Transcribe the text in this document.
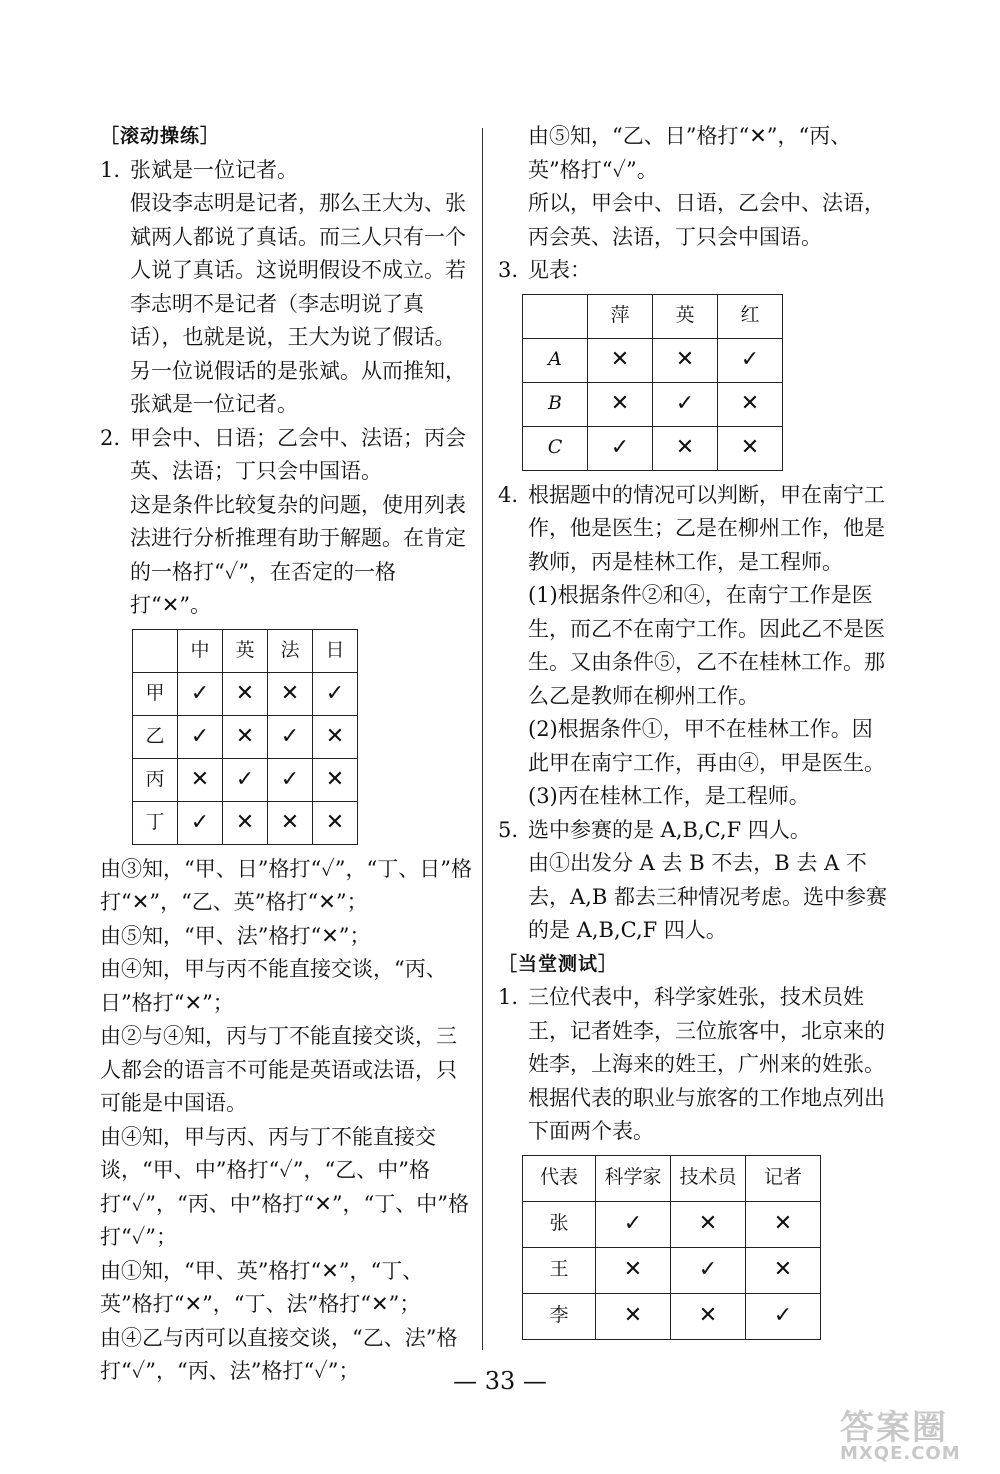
［滚动操练］
1. 张斌是一位记者。
假设李志明是记者，那么王大为、张斌两人都说了真话。而三人只有一个人说了真话。这说明假设不成立。若李志明不是记者（李志明说了真话），也就是说，王大为说了假话。另一位说假话的是张斌。从而推知，张斌是一位记者。
2. 甲会中、日语；乙会中、法语；丙会英、法语；丁只会中国语。
这是条件比较复杂的问题，使用列表法进行分析推理有助于解题。在肯定的一格打“✓”，在否定的一格打“✕”。
	中	英	法	日
甲	✓	✕	✕	✓
乙	✓	✕	✓	✕
丙	✕	✓	✓	✕
丁	✓	✕	✕	✕
由③知，“甲、日”格打“✓”，“丁、日”格打“✕”，“乙、英”格打“✕”；
由⑤知，“甲、法”格打“✕”；
由④知，甲与丙不能直接交谈，“丙、日”格打“✕”；
由②与④知，丙与丁不能直接交谈，三人都会的语言不可能是英语或法语，只可能是中国语。
由④知，甲与丙、丙与丁不能直接交谈，“甲、中”格打“✓”，“乙、中”格打“✓”，“丙、中”格打“✕”，“丁、中”格打“✓”；
由①知，“甲、英”格打“✕”，“丁、英”格打“✕”，“丁、法”格打“✕”；
由④乙与丙可以直接交谈，“乙、法”格打“✓”，“丙、法”格打“✓”；
由⑤知，“乙、日”格打“✕”，“丙、英”格打“✓”。
所以，甲会中、日语，乙会中、法语，丙会英、法语，丁只会中国语。
3. 见表：
	萍	英	红
A	✕	✕	✓
B	✕	✓	✕
C	✓	✕	✕
4. 根据题中的情况可以判断，甲在南宁工作，他是医生；乙是在柳州工作，他是教师，丙是桂林工作，是工程师。
(1)根据条件②和④，在南宁工作是医生，而乙不在南宁工作。因此乙不是医生。又由条件⑤，乙不在桂林工作。那么乙是教师在柳州工作。
(2)根据条件①，甲不在桂林工作。因此甲在南宁工作，再由④，甲是医生。
(3)丙在桂林工作，是工程师。
5. 选中参赛的是 A,B,C,F 四人。
由①出发分 A 去 B 不去，B 去 A 不去，A,B 都去三种情况考虑。选中参赛的是 A,B,C,F 四人。
［当堂测试］
1. 三位代表中，科学家姓张，技术员姓王，记者姓李，三位旅客中，北京来的姓李，上海来的姓王，广州来的姓张。
根据代表的职业与旅客的工作地点列出下面两个表。
代表	科学家	技术员	记者
张	✓	✕	✕
王	✕	✓	✕
李	✕	✕	✓
— 33 —
答案圈
MXQE.COM
